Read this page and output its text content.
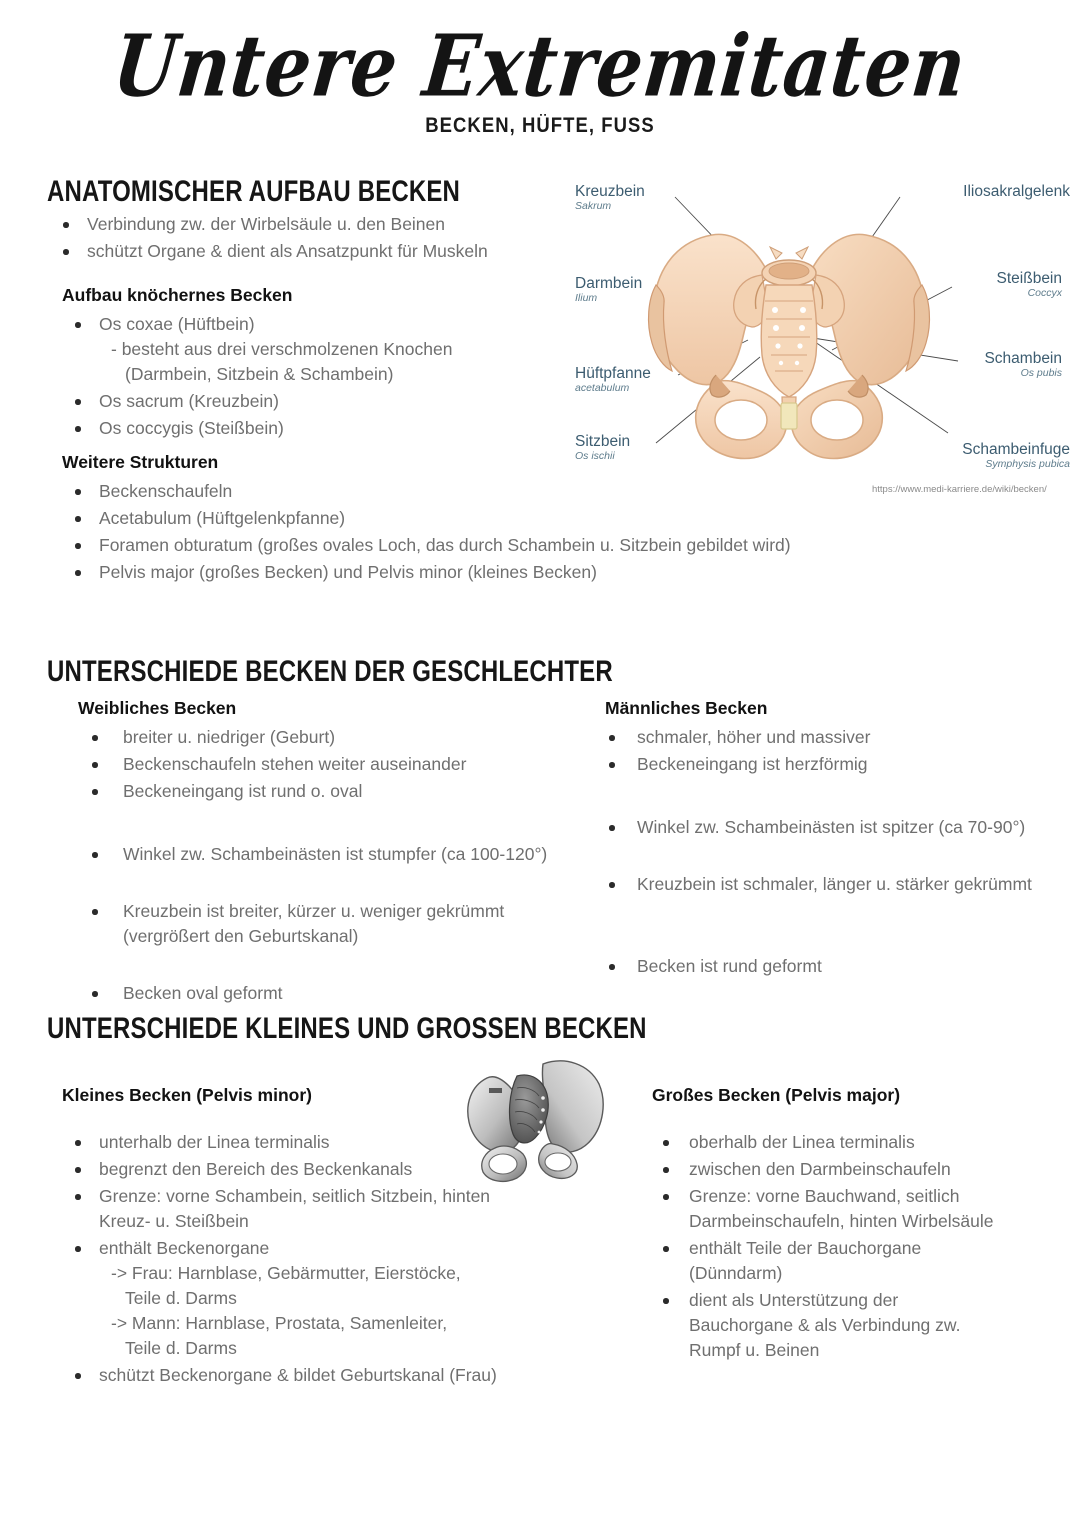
Untere Extremitaten
BECKEN, HÜFTE, FUSS
ANATOMISCHER AUFBAU BECKEN
Verbindung zw. der Wirbelsäule u. den Beinen
schützt Organe & dient als Ansatzpunkt für Muskeln
Aufbau knöchernes Becken
Os coxae (Hüftbein)
- besteht aus drei verschmolzenen Knochen
(Darmbein, Sitzbein & Schambein)
Os sacrum (Kreuzbein)
Os coccygis (Steißbein)
Weitere Strukturen
Beckenschaufeln
Acetabulum (Hüftgelenkpfanne)
Foramen obturatum (großes ovales Loch, das durch Schambein u. Sitzbein gebildet wird)
Pelvis major (großes Becken) und Pelvis minor (kleines Becken)
Kreuzbein
Sakrum
Darmbein
Ilium
Hüftpfanne
acetabulum
Sitzbein
Os ischii
Iliosakralgelenk
Steißbein
Coccyx
Schambein
Os pubis
Schambeinfuge
Symphysis pubica
https://www.medi-karriere.de/wiki/becken/
UNTERSCHIEDE BECKEN DER GESCHLECHTER
Weibliches Becken
breiter u. niedriger (Geburt)
Beckenschaufeln stehen weiter auseinander
Beckeneingang ist rund o. oval
Winkel zw. Schambeinästen ist stumpfer (ca 100-120°)
Kreuzbein ist breiter, kürzer u. weniger gekrümmt
(vergrößert den Geburtskanal)
Becken oval geformt
Männliches Becken
schmaler, höher und massiver
Beckeneingang ist herzförmig
Winkel zw. Schambeinästen ist spitzer (ca 70-90°)
Kreuzbein ist schmaler, länger u. stärker gekrümmt
Becken ist rund geformt
UNTERSCHIEDE KLEINES UND GROSSEN BECKEN
Kleines Becken (Pelvis minor)
unterhalb der Linea terminalis
begrenzt den Bereich des Beckenkanals
Grenze: vorne Schambein, seitlich Sitzbein, hinten
Kreuz- u. Steißbein
enthält Beckenorgane
-> Frau: Harnblase, Gebärmutter, Eierstöcke,
Teile d. Darms
-> Mann: Harnblase, Prostata, Samenleiter,
Teile d. Darms
schützt Beckenorgane & bildet Geburtskanal (Frau)
Großes Becken (Pelvis major)
oberhalb der Linea terminalis
zwischen den Darmbeinschaufeln
Grenze: vorne Bauchwand, seitlich
Darmbeinschaufeln, hinten Wirbelsäule
enthält Teile der Bauchorgane
(Dünndarm)
dient als Unterstützung der
Bauchorgane & als Verbindung zw.
Rumpf u. Beinen
